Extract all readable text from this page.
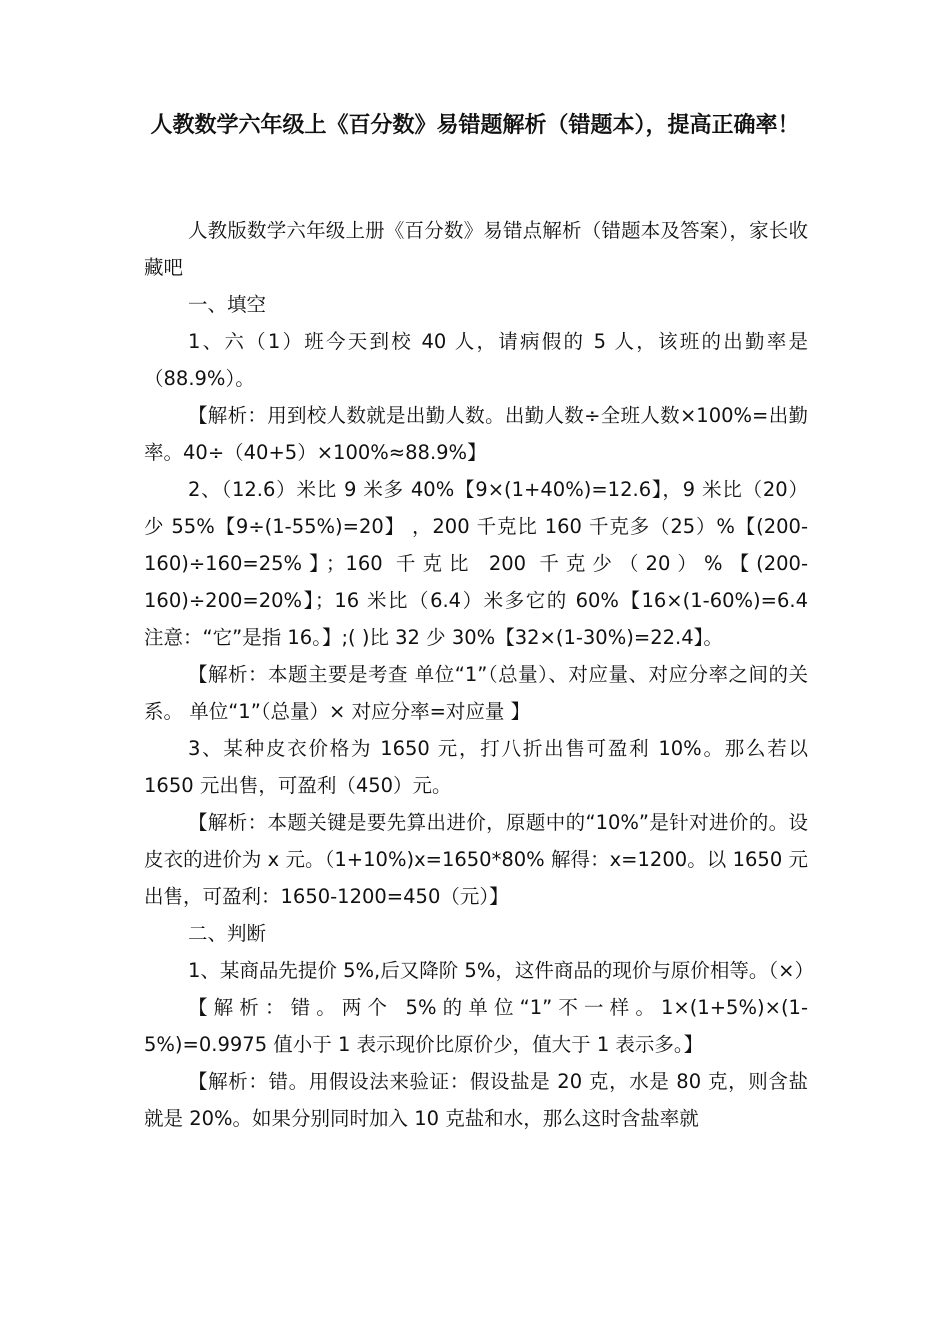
人教数学六年级上《百分数》易错题解析（错题本），提高正确率！

人教版数学六年级上册《百分数》易错点解析（错题本及答案），家长收藏吧

一、填空

1、六（1）班今天到校 40 人，请病假的 5 人，该班的出勤率是（88.9%）。

【解析：用到校人数就是出勤人数。出勤人数÷全班人数×100%=出勤率。40÷（40+5）×100%≈88.9%】

2、（12.6）米比 9 米多 40%【9×(1+40%)=12.6】，9 米比（20）少 55%【9÷(1-55%)=20】 ，200 千克比 160 千克多（25）%【(200-160)÷160=25%】；160 千克比 200 千克少（20）%【(200-160)÷200=20%】；16 米比（6.4）米多它的 60%【16×(1-60%)=6.4 注意：“它”是指 16。】;( )比 32 少 30%【32×(1-30%)=22.4】。

【解析：本题主要是考查 单位“1”（总量）、对应量、对应分率之间的关系。 单位“1”（总量）× 对应分率=对应量 】

3、某种皮衣价格为 1650 元，打八折出售可盈利 10%。那么若以 1650 元出售，可盈利（450）元。

【解析：本题关键是要先算出进价，原题中的“10%”是针对进价的。设皮衣的进价为 x 元。（1+10%)x=1650*80% 解得：x=1200。以 1650 元出售，可盈利：1650-1200=450（元）】

二、判断

1、某商品先提价 5%,后又降阶 5%，这件商品的现价与原价相等。（×）

【解析：错。两个 5%的单位“1”不一样。1×(1+5%)×(1-5%)=0.9975 值小于 1 表示现价比原价少，值大于 1 表示多。】

【解析：错。用假设法来验证：假设盐是 20 克，水是 80 克，则含盐就是 20%。如果分别同时加入 10 克盐和水，那么这时含盐率就
